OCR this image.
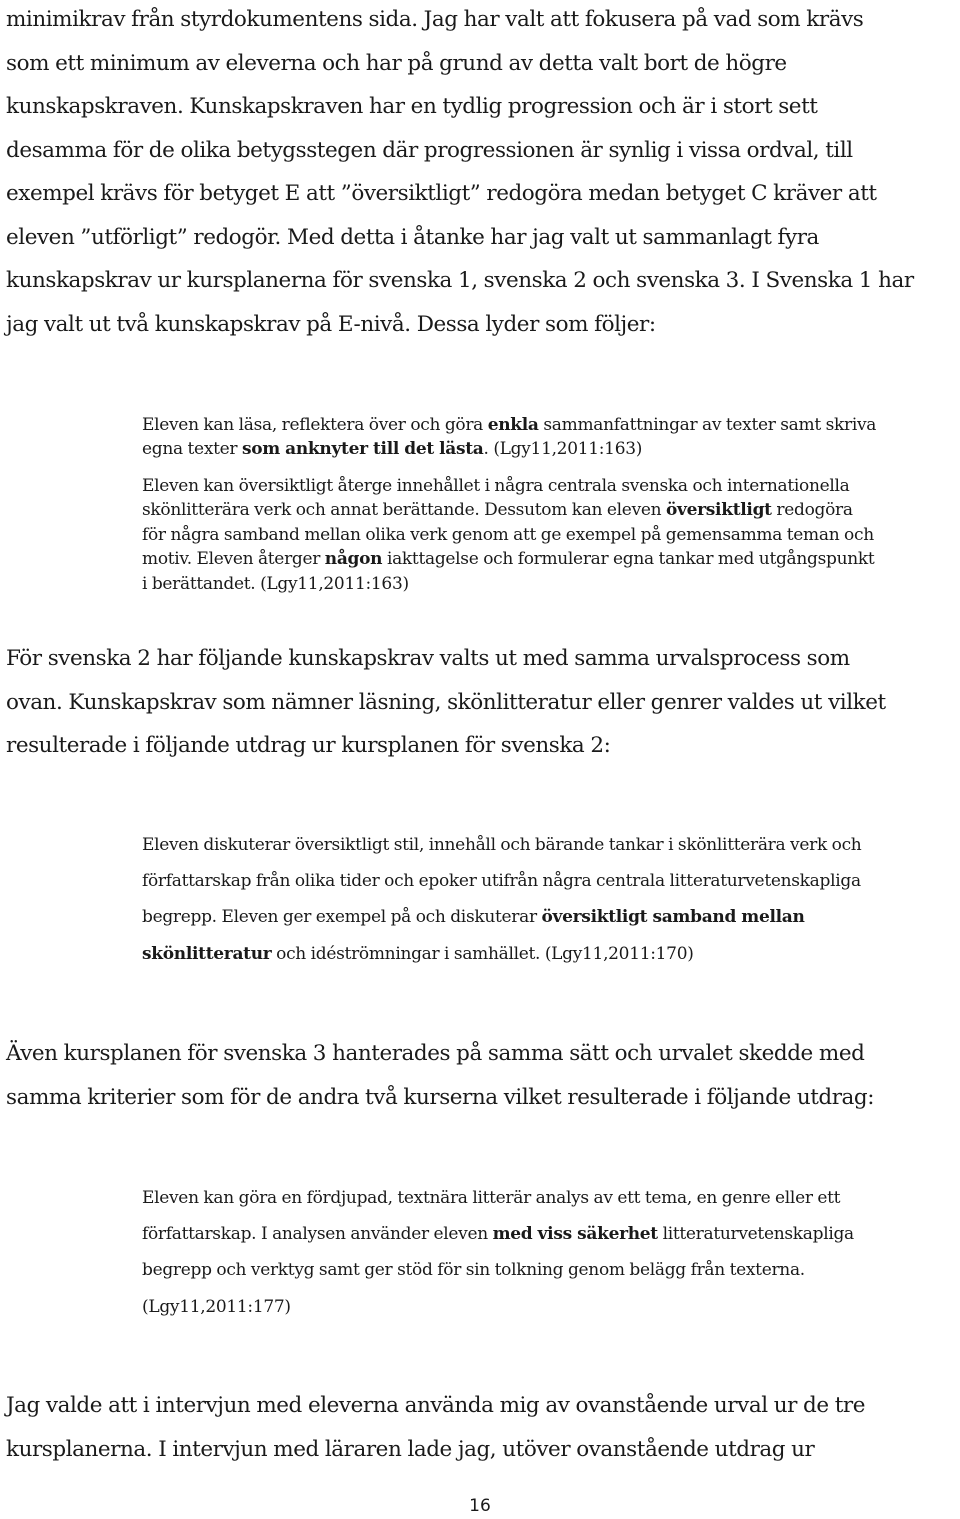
minimikrav från styrdokumentens sida. Jag har valt att fokusera på vad som krävs
som ett minimum av eleverna och har på grund av detta valt bort de högre
kunskapskraven. Kunskapskraven har en tydlig progression och är i stort sett
desamma för de olika betygsstegen där progressionen är synlig i vissa ordval, till
exempel krävs för betyget E att ”översiktligt” redogöra medan betyget C kräver att
eleven ”utförligt” redogör. Med detta i åtanke har jag valt ut sammanlagt fyra
kunskapskrav ur kursplanerna för svenska 1, svenska 2 och svenska 3. I Svenska 1 har
jag valt ut två kunskapskrav på E-nivå. Dessa lyder som följer:
Eleven kan läsa, reflektera över och göra enkla sammanfattningar av texter samt skriva
egna texter som anknyter till det lästa. (Lgy11,2011:163)
Eleven kan översiktligt återge innehållet i några centrala svenska och internationella
skönlitterära verk och annat berättande. Dessutom kan eleven översiktligt redogöra
för några samband mellan olika verk genom att ge exempel på gemensamma teman och
motiv. Eleven återger någon iakttagelse och formulerar egna tankar med utgångspunkt
i berättandet. (Lgy11,2011:163)
För svenska 2 har följande kunskapskrav valts ut med samma urvalsprocess som
ovan. Kunskapskrav som nämner läsning, skönlitteratur eller genrer valdes ut vilket
resulterade i följande utdrag ur kursplanen för svenska 2:
Eleven diskuterar översiktligt stil, innehåll och bärande tankar i skönlitterära verk och
författarskap från olika tider och epoker utifrån några centrala litteraturvetenskapliga
begrepp. Eleven ger exempel på och diskuterar översiktligt samband mellan
skönlitteratur och idéströmningar i samhället. (Lgy11,2011:170)
Även kursplanen för svenska 3 hanterades på samma sätt och urvalet skedde med
samma kriterier som för de andra två kurserna vilket resulterade i följande utdrag:
Eleven kan göra en fördjupad, textnära litterär analys av ett tema, en genre eller ett
författarskap. I analysen använder eleven med viss säkerhet litteraturvetenskapliga
begrepp och verktyg samt ger stöd för sin tolkning genom belägg från texterna.
(Lgy11,2011:177)
Jag valde att i intervjun med eleverna använda mig av ovanstående urval ur de tre
kursplanerna. I intervjun med läraren lade jag, utöver ovanstående utdrag ur
16
